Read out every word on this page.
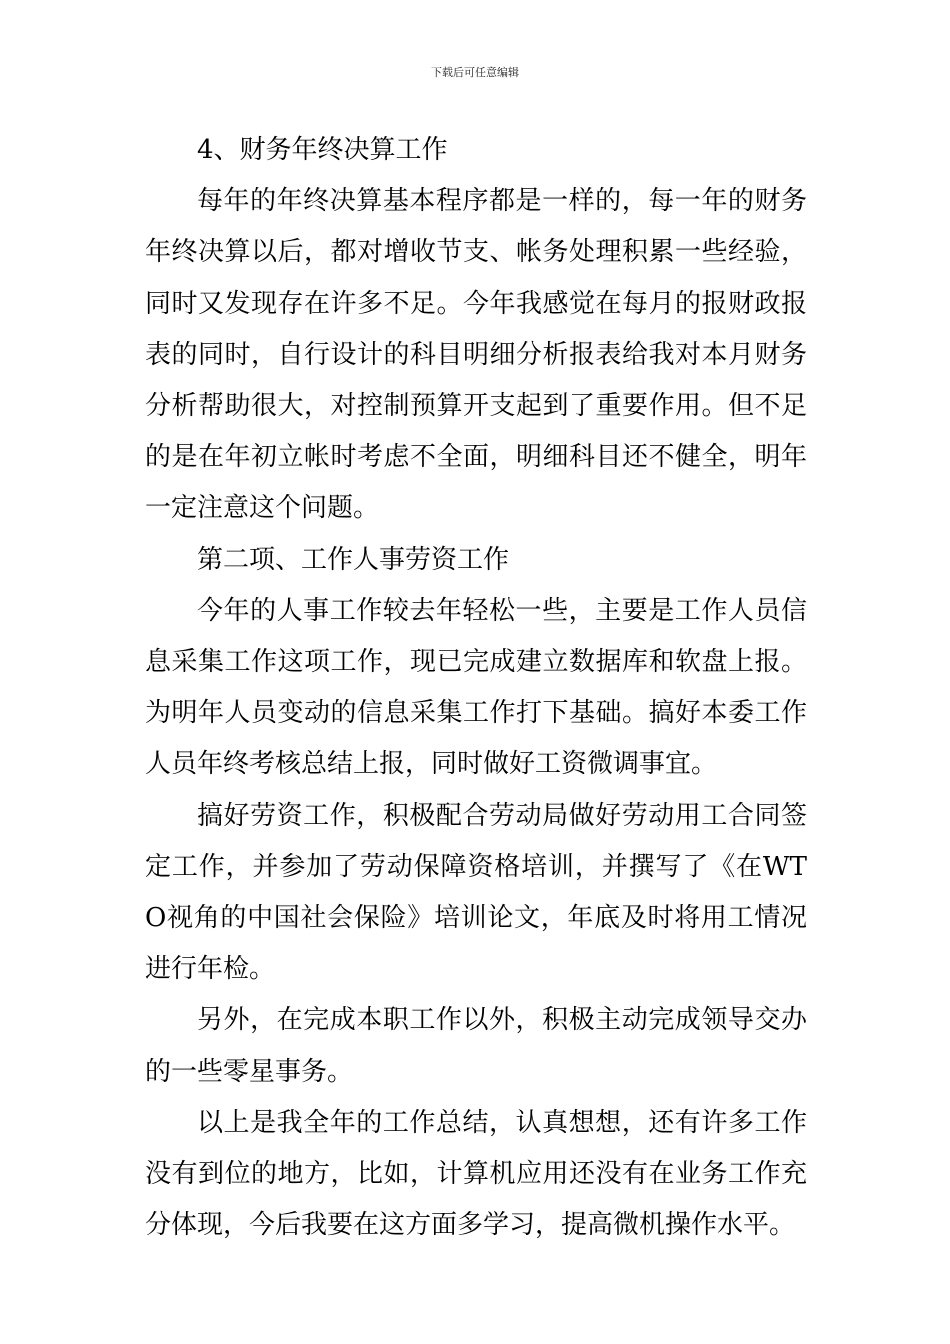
下载后可任意编辑

4、财务年终决算工作

每年的年终决算基本程序都是一样的，每一年的财务年终决算以后，都对增收节支、帐务处理积累一些经验，同时又发现存在许多不足。今年我感觉在每月的报财政报表的同时，自行设计的科目明细分析报表给我对本月财务分析帮助很大，对控制预算开支起到了重要作用。但不足的是在年初立帐时考虑不全面，明细科目还不健全，明年一定注意这个问题。

第二项、工作人事劳资工作

今年的人事工作较去年轻松一些，主要是工作人员信息采集工作这项工作，现已完成建立数据库和软盘上报。为明年人员变动的信息采集工作打下基础。搞好本委工作人员年终考核总结上报，同时做好工资微调事宜。

搞好劳资工作，积极配合劳动局做好劳动用工合同签定工作，并参加了劳动保障资格培训，并撰写了《在WTO视角的中国社会保险》培训论文，年底及时将用工情况进行年检。

另外，在完成本职工作以外，积极主动完成领导交办的一些零星事务。

以上是我全年的工作总结，认真想想，还有许多工作没有到位的地方，比如，计算机应用还没有在业务工作充分体现，今后我要在这方面多学习，提高微机操作水平。
